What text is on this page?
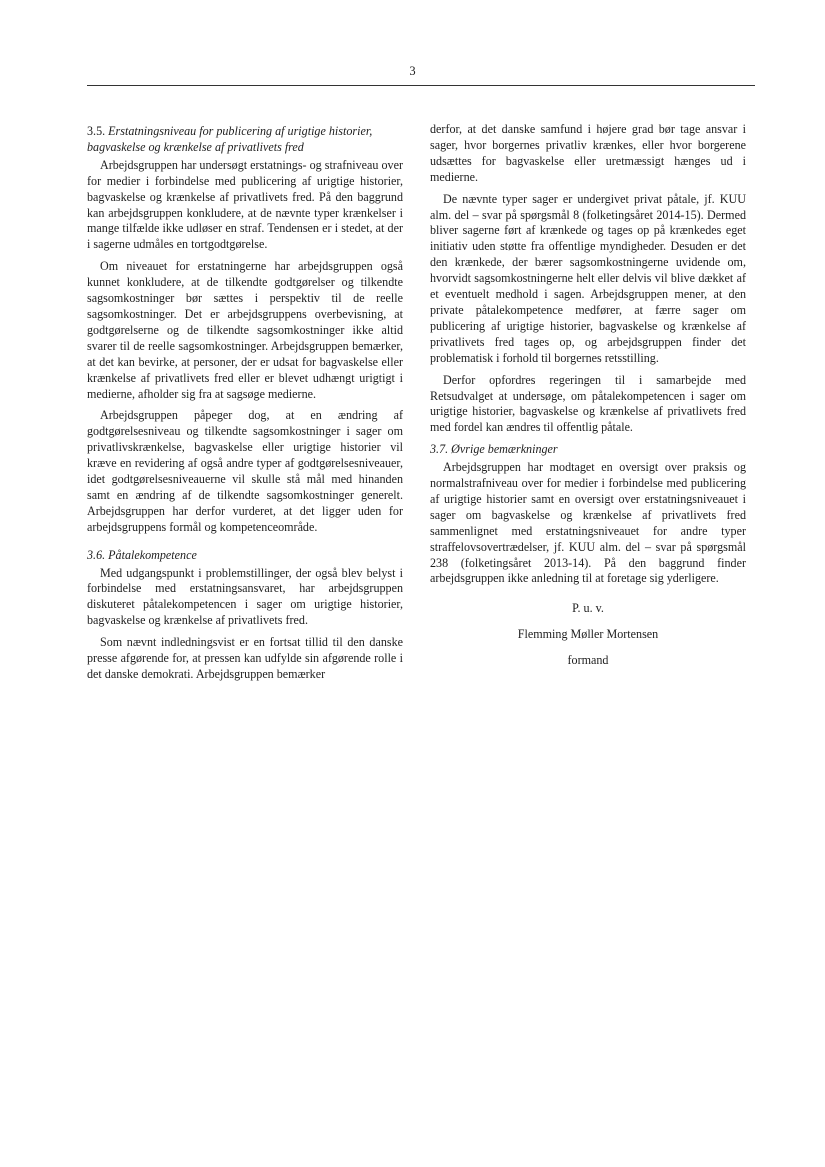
3
3.5. Erstatningsniveau for publicering af urigtige historier, bagvaskelse og krænkelse af privatlivets fred

Arbejdsgruppen har undersøgt erstatnings- og strafniveau over for medier i forbindelse med publicering af urigtige historier, bagvaskelse og krænkelse af privatlivets fred. På den baggrund kan arbejdsgruppen konkludere, at de nævnte typer krænkelser i mange tilfælde ikke udløser en straf. Tendensen er i stedet, at der i sagerne udmåles en tortgodtgørelse.

Om niveauet for erstatningerne har arbejdsgruppen også kunnet konkludere, at de tilkendte godtgørelser og tilkendte sagsomkostninger bør sættes i perspektiv til de reelle sagsomkostninger. Det er arbejdsgruppens overbevisning, at godtgørelserne og de tilkendte sagsomkostninger ikke altid svarer til de reelle sagsomkostninger. Arbejdsgruppen bemærker, at det kan bevirke, at personer, der er udsat for bagvaskelse eller krænkelse af privatlivets fred eller er blevet udhængt urigtigt i medierne, afholder sig fra at sagsøge medierne.

Arbejdsgruppen påpeger dog, at en ændring af godtgørelsesniveau og tilkendte sagsomkostninger i sager om privatlivskrænkelse, bagvaskelse eller urigtige historier vil kræve en revidering af også andre typer af godtgørelsesniveauer, idet godtgørelsesniveauerne vil skulle stå mål med hinanden samt en ændring af de tilkendte sagsomkostninger generelt. Arbejdsgruppen har derfor vurderet, at det ligger uden for arbejdsgruppens formål og kompetenceområde.

3.6. Påtalekompetence

Med udgangspunkt i problemstillinger, der også blev belyst i forbindelse med erstatningsansvaret, har arbejdsgruppen diskuteret påtalekompetencen i sager om urigtige historier, bagvaskelse og krænkelse af privatlivets fred.

Som nævnt indledningsvist er en fortsat tillid til den danske presse afgørende for, at pressen kan udfylde sin afgørende rolle i det danske demokrati. Arbejdsgruppen bemærker

derfor, at det danske samfund i højere grad bør tage ansvar i sager, hvor borgernes privatliv krænkes, eller hvor borgerene udsættes for bagvaskelse eller uretmæssigt hænges ud i medierne.

De nævnte typer sager er undergivet privat påtale, jf. KUU alm. del – svar på spørgsmål 8 (folketingsåret 2014-15). Dermed bliver sagerne ført af krænkede og tages op på krænkedes eget initiativ uden støtte fra offentlige myndigheder. Desuden er det den krænkede, der bærer sagsomkostningerne uvidende om, hvorvidt sagsomkostningerne helt eller delvis vil blive dækket af et eventuelt medhold i sagen. Arbejdsgruppen mener, at den private påtalekompetence medfører, at færre sager om publicering af urigtige historier, bagvaskelse og krænkelse af privatlivets fred tages op, og arbejdsgruppen finder det problematisk i forhold til borgernes retsstilling.

Derfor opfordres regeringen til i samarbejde med Retsudvalget at undersøge, om påtalekompetencen i sager om urigtige historier, bagvaskelse og krænkelse af privatlivets fred med fordel kan ændres til offentlig påtale.

3.7. Øvrige bemærkninger

Arbejdsgruppen har modtaget en oversigt over praksis og normalstrafniveau over for medier i forbindelse med publicering af urigtige historier samt en oversigt over erstatningsniveauet i sager om bagvaskelse og krænkelse af privatlivets fred sammenlignet med erstatningsniveauet for andre typer straffelovsovertrædelser, jf. KUU alm. del – svar på spørgsmål 238 (folketingsåret 2013-14). På den baggrund finder arbejdsgruppen ikke anledning til at foretage sig yderligere.

P. u. v.
Flemming Møller Mortensen
formand
